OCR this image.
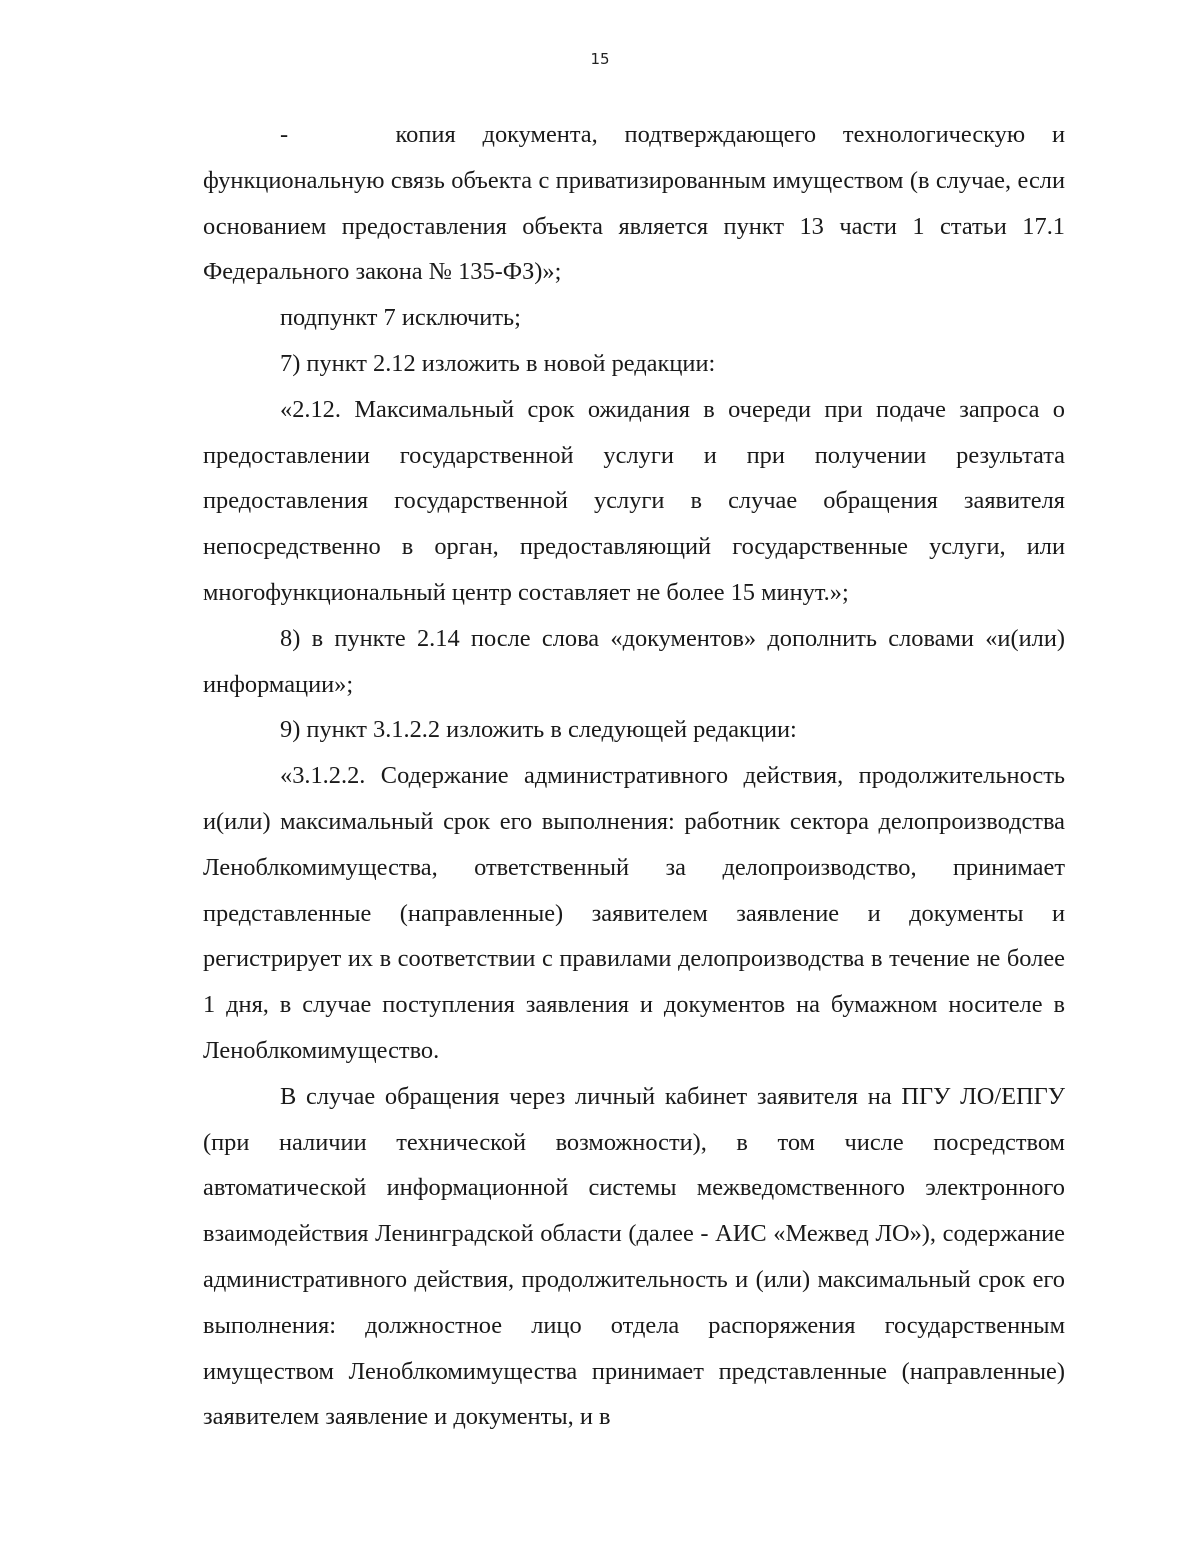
15

-    копия документа, подтверждающего технологическую и функциональную связь объекта с приватизированным имуществом (в случае, если основанием предоставления объекта является пункт 13 части 1 статьи 17.1 Федерального закона № 135-ФЗ)»;

подпункт 7 исключить;

7) пункт 2.12 изложить в новой редакции:

«2.12. Максимальный срок ожидания в очереди при подаче запроса о предоставлении государственной услуги и при получении результата предоставления государственной услуги в случае обращения заявителя непосредственно в орган, предоставляющий государственные услуги, или многофункциональный центр составляет не более 15 минут.»;

8) в пункте 2.14 после слова «документов» дополнить словами «и(или) информации»;

9) пункт 3.1.2.2 изложить в следующей редакции:

«3.1.2.2. Содержание административного действия, продолжительность и(или) максимальный срок его выполнения: работник сектора делопроизводства Леноблкомимущества, ответственный за делопроизводство, принимает представленные (направленные) заявителем заявление и документы и регистрирует их в соответствии с правилами делопроизводства в течение не более 1 дня, в случае поступления заявления и документов на бумажном носителе в Леноблкомимущество.

В случае обращения через личный кабинет заявителя на ПГУ ЛО/ЕПГУ (при наличии технической возможности), в том числе посредством автоматической информационной системы межведомственного электронного взаимодействия Ленинградской области (далее - АИС «Межвед ЛО»), содержание административного действия, продолжительность и (или) максимальный срок его выполнения: должностное лицо отдела распоряжения государственным имуществом Леноблкомимущества принимает представленные (направленные) заявителем заявление и документы, и в
